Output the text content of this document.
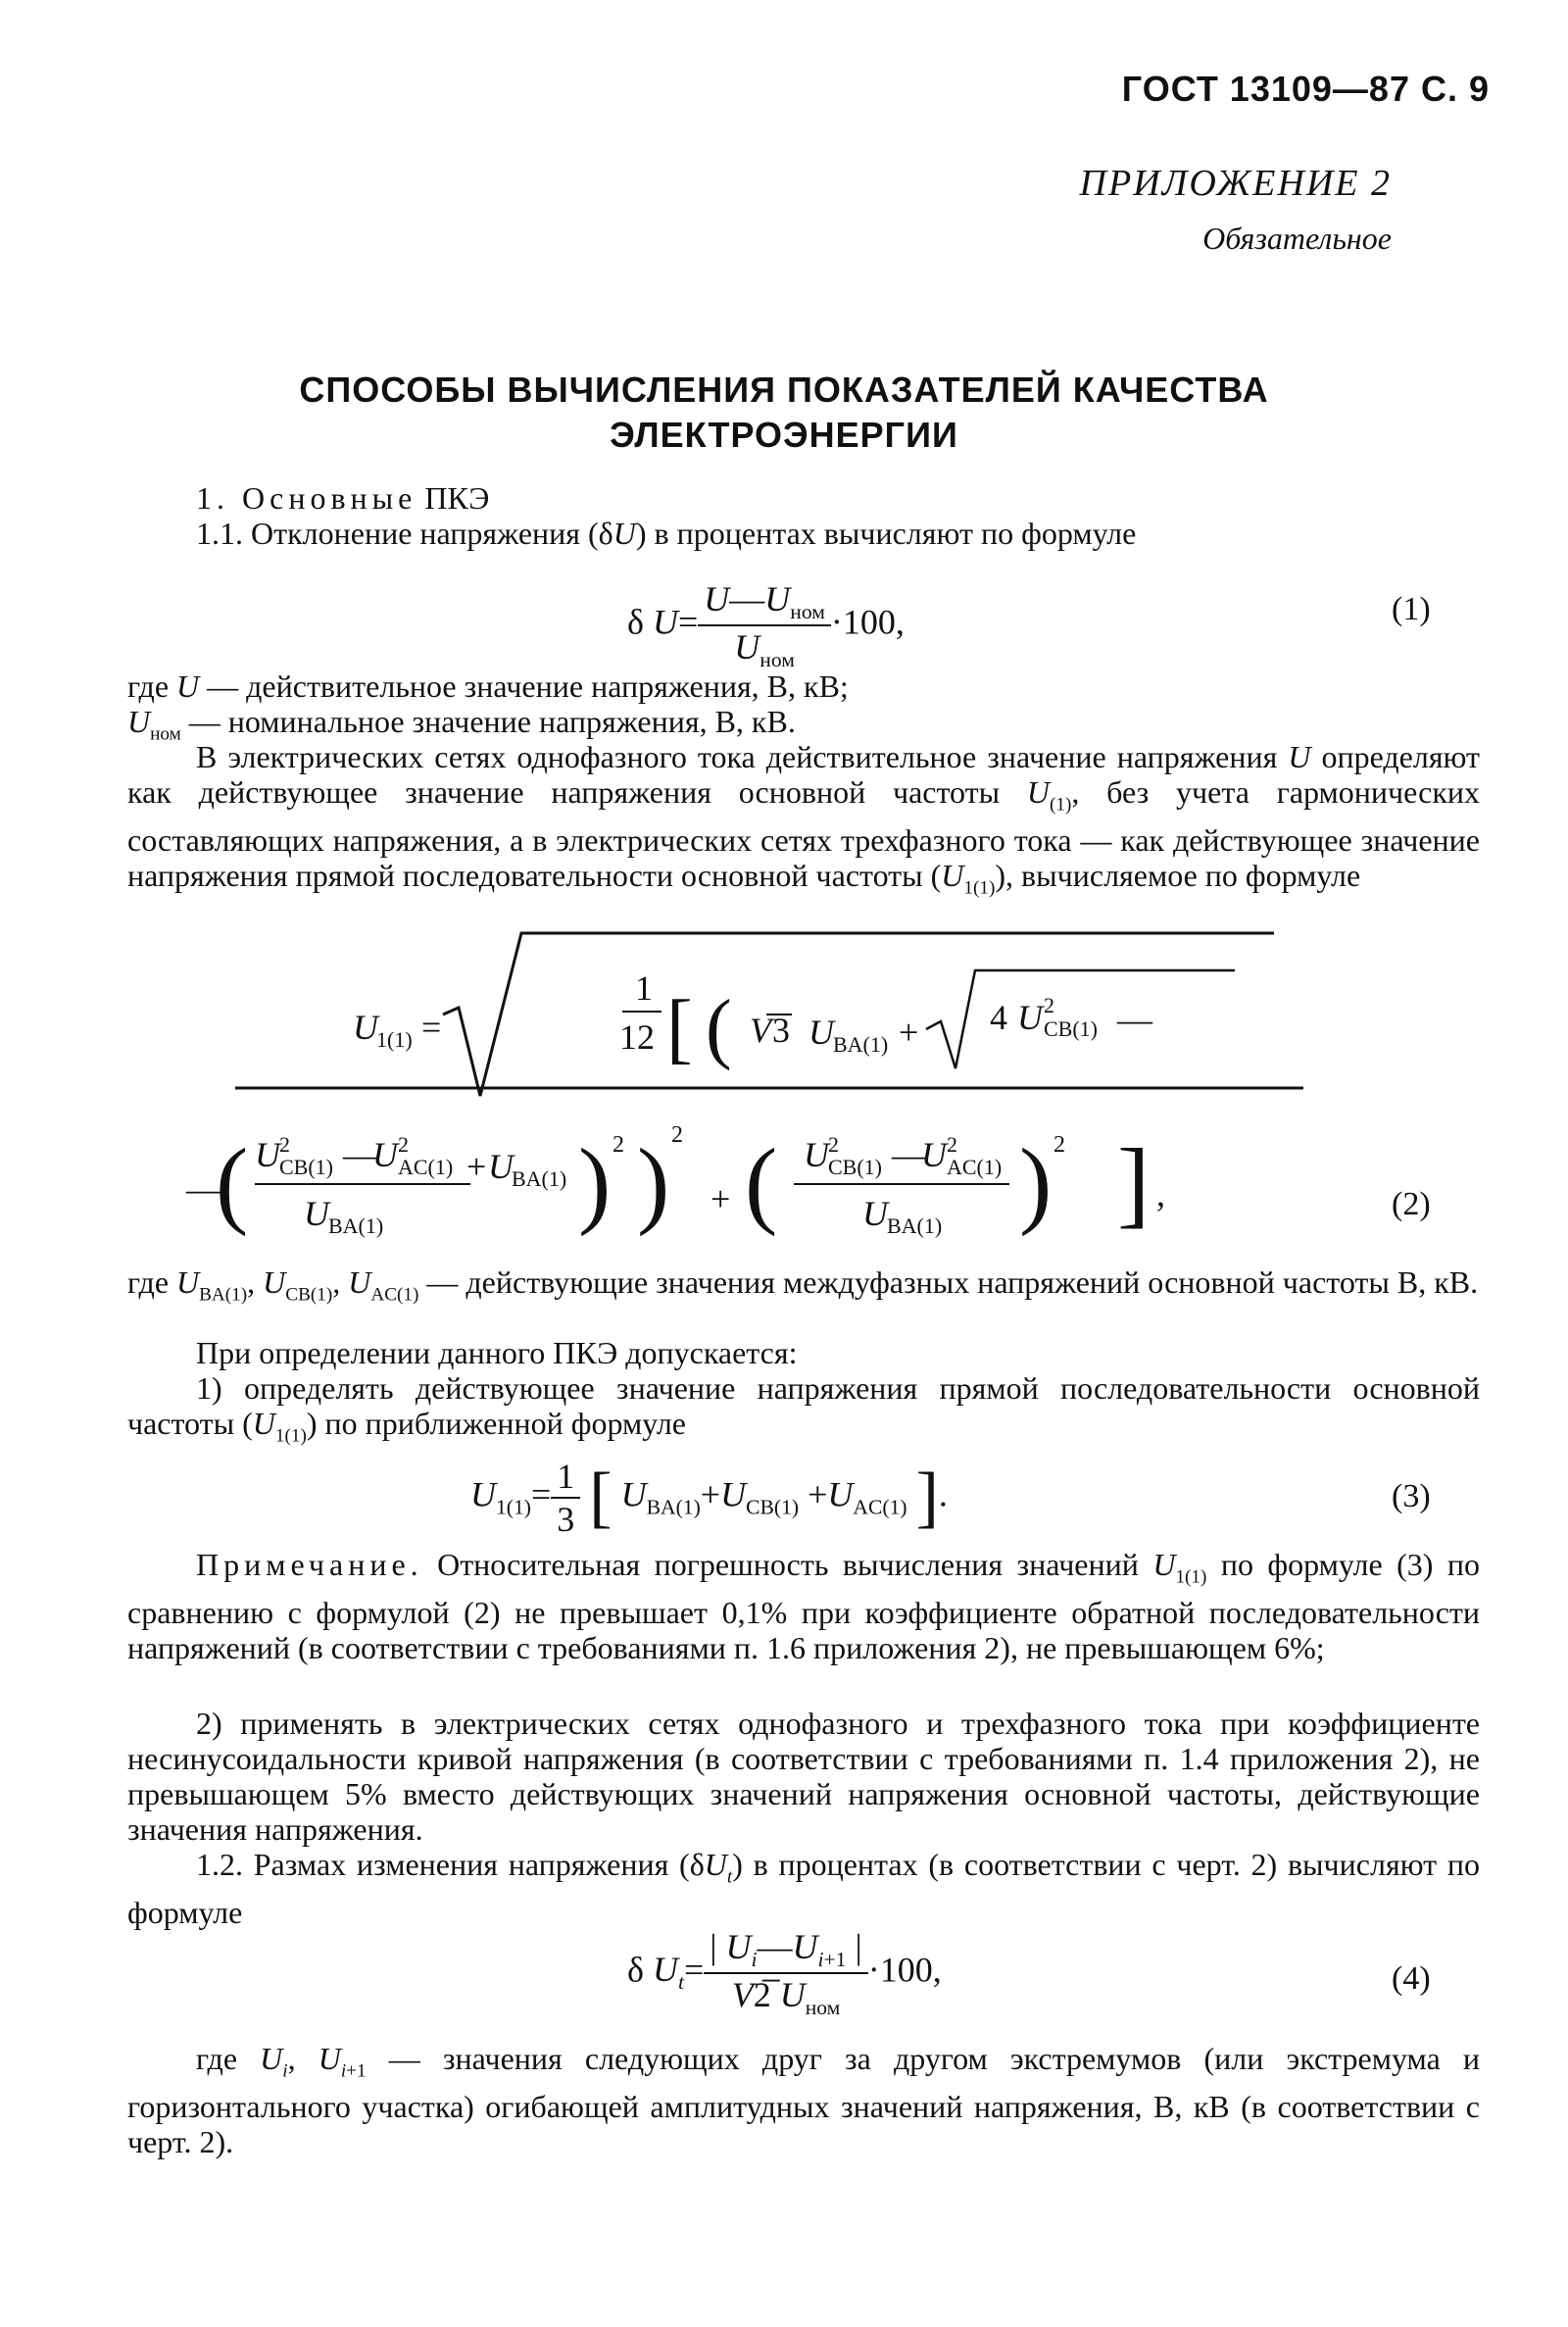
ГОСТ 13109—87 С. 9
ПРИЛОЖЕНИЕ 2
Обязательное
СПОСОБЫ ВЫЧИСЛЕНИЯ ПОКАЗАТЕЛЕЙ КАЧЕСТВА
ЭЛЕКТРОЭНЕРГИИ
1. Основные ПКЭ
1.1. Отклонение напряжения (δU) в процентах вычисляют по формуле
δ $U= \frac{U—U_{ном}}{U_{ном}} \cdot 100$,	(1)
где U — действительное значение напряжения, В, кВ;
$U_{ном}$ — номинальное значение напряжения, В, кВ.
В электрических сетях однофазного тока действительное значение напряжения U определяют как действующее значение напряжения основной частоты $U_{(1)}$, без учета гармонических составляющих напряжения, а в электрических сетях трехфазного тока — как действующее значение напряжения прямой последовательности основной частоты $(U_{1(1)})$, вычисляемое по формуле
U
1(1) =
1
12 [ ( V 3 U BA(1) + 4 U 2
CB(1) —
—
( U 2
CB(1) —
U 2
AC(1) + U
BA(1)
U BA(1) ) 2 ) 2
+ ( U 2
CB(1) —
U 2
AC(1)
U BA(1) ) 2 ] ,	(2)
где $U_{BA(1)}$, $U_{CB(1)}$, $U_{AC(1)}$ — действующие значения междуфазных напряжений основной частоты В, кВ.
При определении данного ПКЭ допускается:
1) определять действующее значение напряжения прямой последовательности основной частоты $(U_{1(1)})$ по приближенной формуле
$U_{1(1)}= \frac{1}{3}$ [ $U_{BA(1)}+U_{CB(1)} +U_{AC(1)}$ ].	(3)
Примечание. Относительная погрешность вычисления значений $U_{1(1)}$ по формуле (3) по сравнению с формулой (2) не превышает 0,1% при коэффициенте обратной последовательности напряжений (в соответствии с требованиями п. 1.6 приложения 2), не превышающем 6%;
2) применять в электрических сетях однофазного и трехфазного тока при коэффициенте несинусоидальности кривой напряжения (в соответствии с требованиями п. 1.4 приложения 2), не превышающем 5% вместо действующих значений напряжения основной частоты, действующие значения напряжения.
1.2. Размах изменения напряжения $(\delta U_t)$ в процентах (в соответствии с черт. 2) вычисляют по формуле
δ $U_t= \frac{| U_i—U_{i+1} |}{V2̅ U_{ном}} \cdot 100$,	(4)
где $U_i$, $U_{i+1}$ — значения следующих друг за другом экстремумов (или экстремума и горизонтального участка) огибающей амплитудных значений напряжения, В, кВ (в соответствии с черт. 2).
